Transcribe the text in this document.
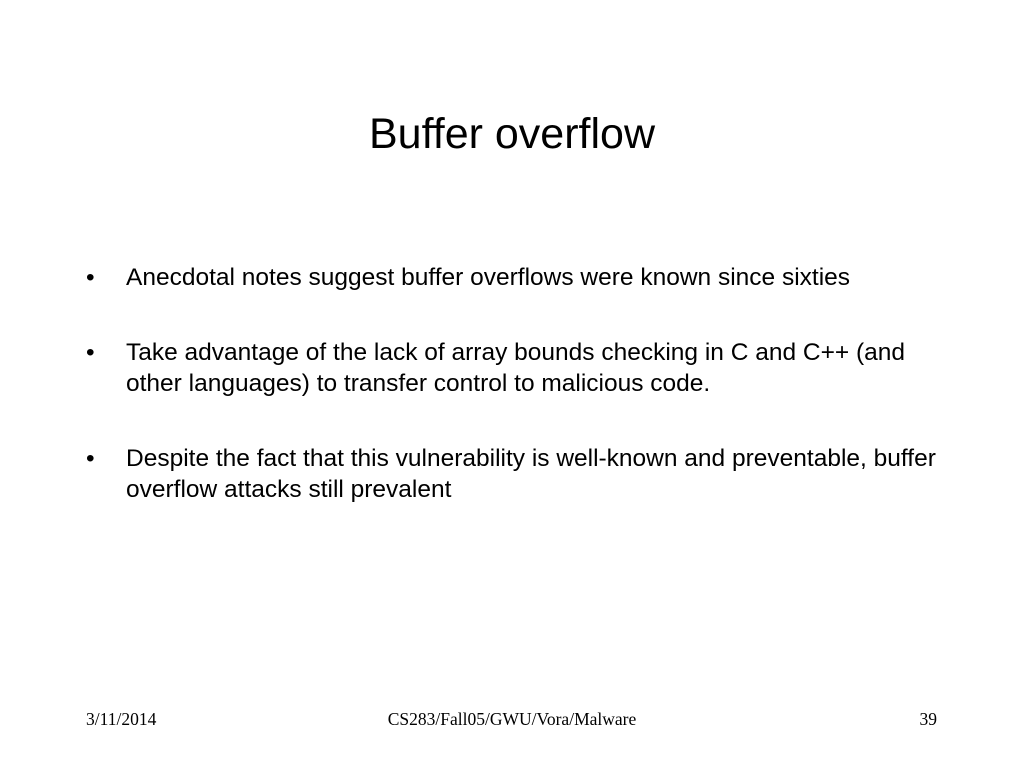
Buffer overflow
• Anecdotal notes suggest buffer overflows were known since sixties
• Take advantage of the lack of array bounds checking in C and C++ (and other languages) to transfer control to malicious code.
• Despite the fact that this vulnerability is well-known and preventable, buffer overflow attacks still prevalent
3/11/2014	CS283/Fall05/GWU/Vora/Malware	39
